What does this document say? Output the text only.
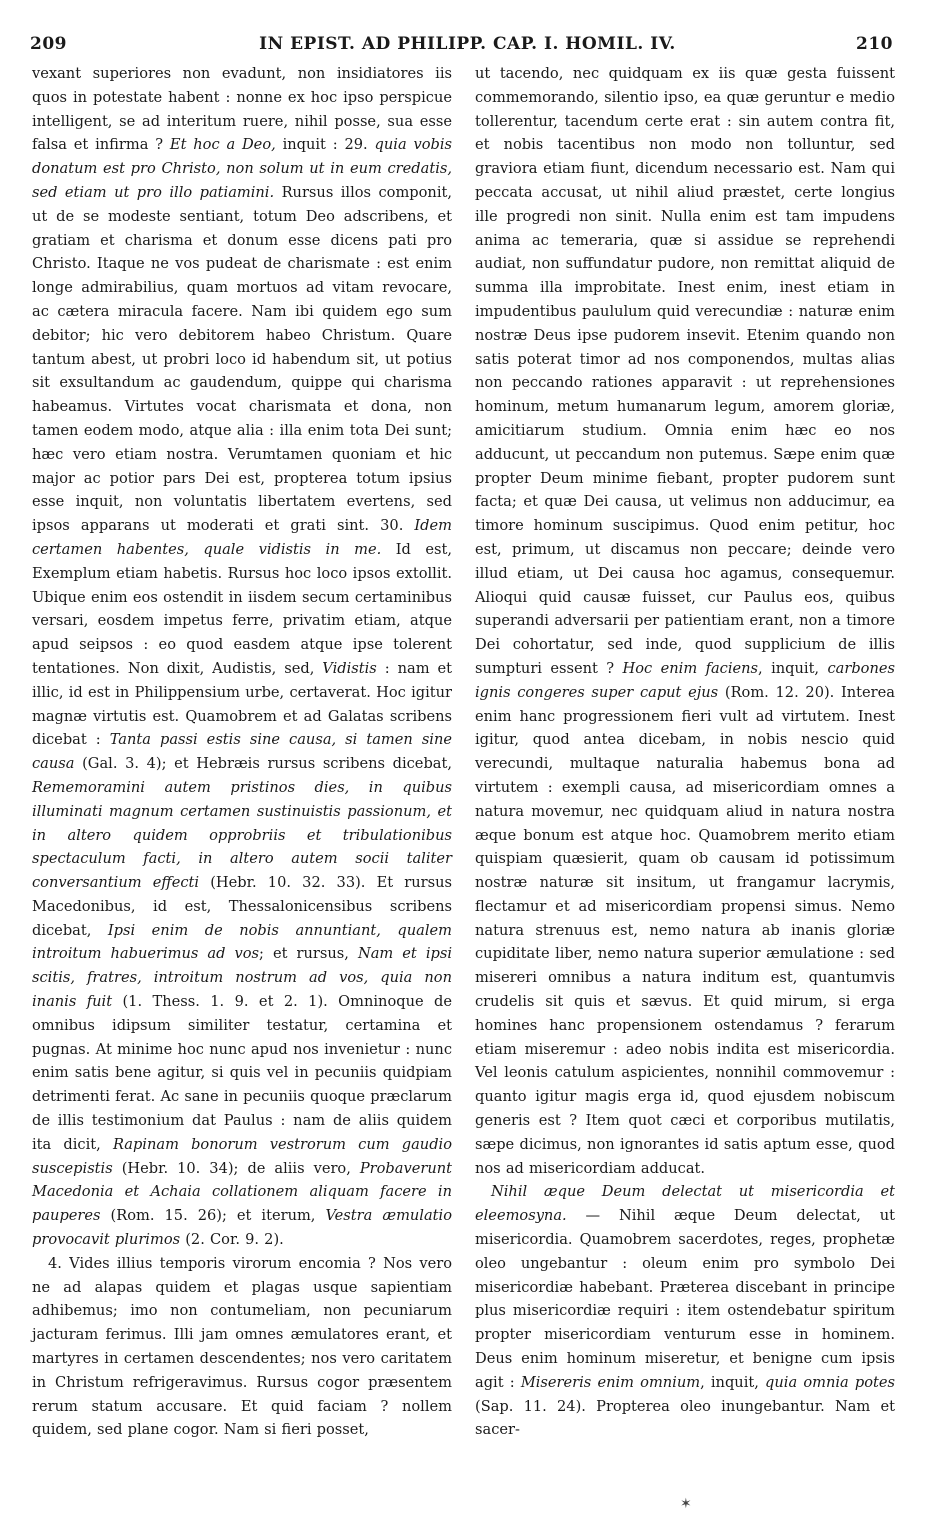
209	IN EPIST. AD PHILIPP. CAP. I. HOMIL. IV.	210

vexant superiores non evadunt, non insidiatores iis quos in potestate habent : nonne ex hoc ipso perspicue intelligent, se ad interitum ruere, nihil posse, sua esse falsa et infirma ? Et hoc a Deo, inquit : 29. quia vobis donatum est pro Christo, non solum ut in eum credatis, sed etiam ut pro illo patiamini. Rursus illos componit, ut de se modeste sentiant, totum Deo adscribens, et gratiam et charisma et donum esse dicens pati pro Christo. Itaque ne vos pudeat de charismate : est enim longe admirabilius, quam mortuos ad vitam revocare, ac cætera miracula facere. Nam ibi quidem ego sum debitor; hic vero debitorem habeo Christum. Quare tantum abest, ut probri loco id habendum sit, ut potius sit exsultandum ac gaudendum, quippe qui charisma habeamus. Virtutes vocat charismata et dona, non tamen eodem modo, atque alia : illa enim tota Dei sunt; hæc vero etiam nostra. Verumtamen quoniam et hic major ac potior pars Dei est, propterea totum ipsius esse inquit, non voluntatis libertatem evertens, sed ipsos apparans ut moderati et grati sint. 30. Idem certamen habentes, quale vidistis in me. Id est, Exemplum etiam habetis. Rursus hoc loco ipsos extollit. Ubique enim eos ostendit in iisdem secum certaminibus versari, eosdem impetus ferre, privatim etiam, atque apud seipsos : eo quod easdem atque ipse tolerent tentationes. Non dixit, Audistis, sed, Vidistis : nam et illic, id est in Philippensium urbe, certaverat. Hoc igitur magnæ virtutis est. Quamobrem et ad Galatas scribens dicebat : Tanta passi estis sine causa, si tamen sine causa (Gal. 3. 4); et Hebræis rursus scribens dicebat, Rememoramini autem pristinos dies, in quibus illuminati magnum certamen sustinuistis passionum, et in altero quidem opprobriis et tribulationibus spectaculum facti, in altero autem socii taliter conversantium effecti (Hebr. 10. 32. 33). Et rursus Macedonibus, id est, Thessalonicensibus scribens dicebat, Ipsi enim de nobis annuntiant, qualem introitum habuerimus ad vos; et rursus, Nam et ipsi scitis, fratres, introitum nostrum ad vos, quia non inanis fuit (1. Thess. 1. 9. et 2. 1). Omninoque de omnibus idipsum similiter testatur, certamina et pugnas. At minime hoc nunc apud nos invenietur : nunc enim satis bene agitur, si quis vel in pecuniis quidpiam detrimenti ferat. Ac sane in pecuniis quoque præclarum de illis testimonium dat Paulus : nam de aliis quidem ita dicit, Rapinam bonorum vestrorum cum gaudio suscepistis (Hebr. 10. 34); de aliis vero, Probaverunt Macedonia et Achaia collationem aliquam facere in pauperes (Rom. 15. 26); et iterum, Vestra æmulatio provocavit plurimos (2. Cor. 9. 2).

4. Vides illius temporis virorum encomia ? Nos vero ne ad alapas quidem et plagas usque sapientiam adhibemus; imo non contumeliam, non pecuniarum jacturam ferimus. Illi jam omnes æmulatores erant, et martyres in certamen descendentes; nos vero caritatem in Christum refrigeravimus. Rursus cogor præsentem rerum statum accusare. Et quid faciam ? nollem quidem, sed plane cogor. Nam si fieri posset,

ut tacendo, nec quidquam ex iis quæ gesta fuissent commemorando, silentio ipso, ea quæ geruntur e medio tollerentur, tacendum certe erat : sin autem contra fit, et nobis tacentibus non modo non tolluntur, sed graviora etiam fiunt, dicendum necessario est. Nam qui peccata accusat, ut nihil aliud præstet, certe longius ille progredi non sinit. Nulla enim est tam impudens anima ac temeraria, quæ si assidue se reprehendi audiat, non suffundatur pudore, non remittat aliquid de summa illa improbitate. Inest enim, inest etiam in impudentibus paululum quid verecundiæ : naturæ enim nostræ Deus ipse pudorem insevit. Etenim quando non satis poterat timor ad nos componendos, multas alias non peccando rationes apparavit : ut reprehensiones hominum, metum humanarum legum, amorem gloriæ, amicitiarum studium. Omnia enim hæc eo nos adducunt, ut peccandum non putemus. Sæpe enim quæ propter Deum minime fiebant, propter pudorem sunt facta; et quæ Dei causa, ut velimus non adducimur, ea timore hominum suscipimus. Quod enim petitur, hoc est, primum, ut discamus non peccare; deinde vero illud etiam, ut Dei causa hoc agamus, consequemur. Alioqui quid causæ fuisset, cur Paulus eos, quibus superandi adversarii per patientiam erant, non a timore Dei cohortatur, sed inde, quod supplicium de illis sumpturi essent ? Hoc enim faciens, inquit, carbones ignis congeres super caput ejus (Rom. 12. 20). Interea enim hanc progressionem fieri vult ad virtutem. Inest igitur, quod antea dicebam, in nobis nescio quid verecundi, multaque naturalia habemus bona ad virtutem : exempli causa, ad misericordiam omnes a natura movemur, nec quidquam aliud in natura nostra æque bonum est atque hoc. Quamobrem merito etiam quispiam quæsierit, quam ob causam id potissimum nostræ naturæ sit insitum, ut frangamur lacrymis, flectamur et ad misericordiam propensi simus. Nemo natura strenuus est, nemo natura ab inanis gloriæ cupiditate liber, nemo natura superior æmulatione : sed misereri omnibus a natura inditum est, quantumvis crudelis sit quis et sævus. Et quid mirum, si erga homines hanc propensionem ostendamus ? ferarum etiam miseremur : adeo nobis indita est misericordia. Vel leonis catulum aspicientes, nonnihil commovemur : quanto igitur magis erga id, quod ejusdem nobiscum generis est ? Item quot cæci et corporibus mutilatis, sæpe dicimus, non ignorantes id satis aptum esse, quod nos ad misericordiam adducat.

Nihil æque Deum delectat ut misericordia et eleemosyna. — Nihil æque Deum delectat, ut misericordia. Quamobrem sacerdotes, reges, prophetæ oleo ungebantur : oleum enim pro symbolo Dei misericordiæ habebant. Præterea discebant in principe plus misericordiæ requiri : item ostendebatur spiritum propter misericordiam venturum esse in hominem. Deus enim hominum miseretur, et benigne cum ipsis agit : Misereris enim omnium, inquit, quia omnia potes (Sap. 11. 24). Propterea oleo inungebantur. Nam et sacer-

✶
